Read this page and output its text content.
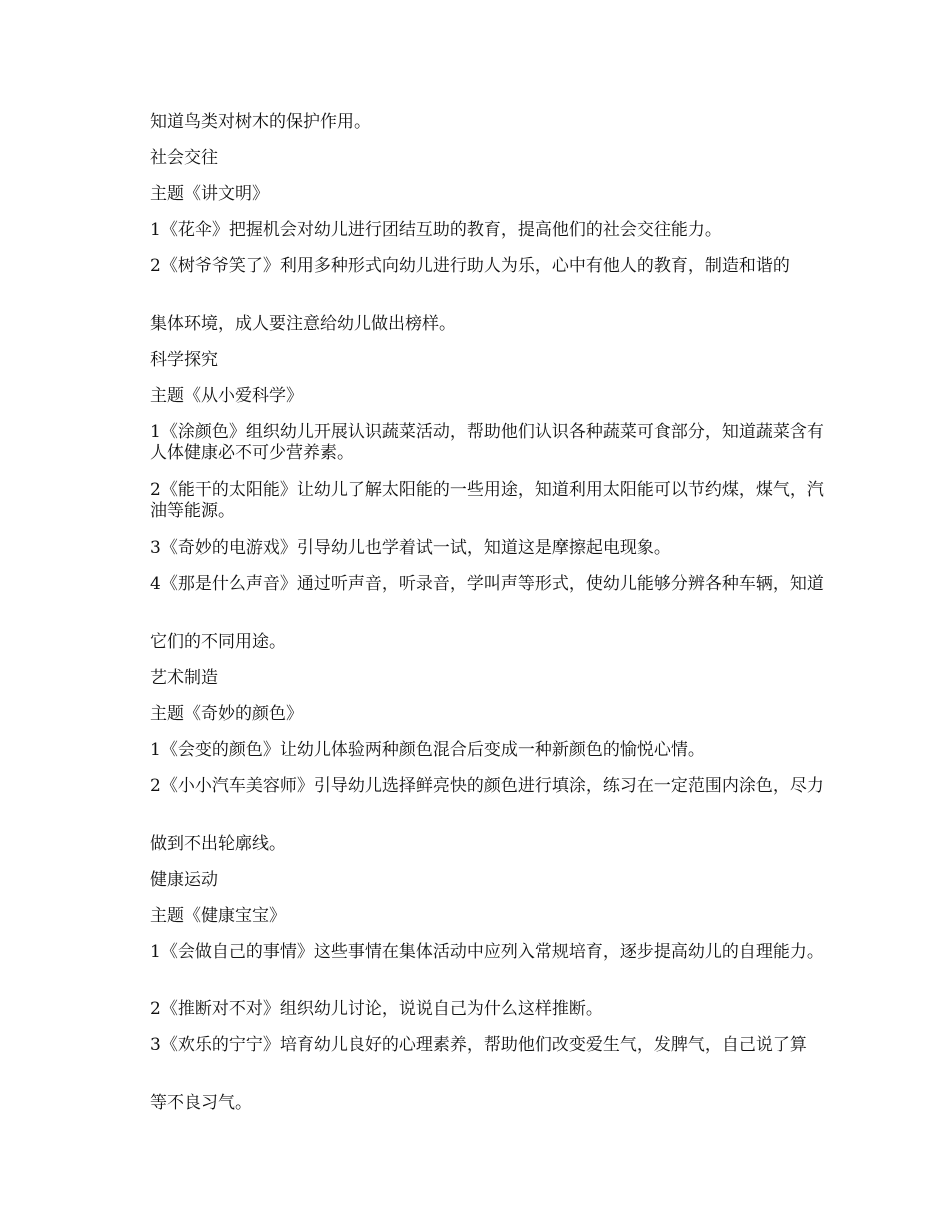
知道鸟类对树木的保护作用。

社会交往

主题《讲文明》

1《花伞》把握机会对幼儿进行团结互助的教育，提高他们的社会交往能力。

2《树爷爷笑了》利用多种形式向幼儿进行助人为乐，心中有他人的教育，制造和谐的

集体环境，成人要注意给幼儿做出榜样。

科学探究

主题《从小爱科学》

1《涂颜色》组织幼儿开展认识蔬菜活动，帮助他们认识各种蔬菜可食部分，知道蔬菜含有人体健康必不可少营养素。

2《能干的太阳能》让幼儿了解太阳能的一些用途，知道利用太阳能可以节约煤，煤气，汽油等能源。

3《奇妙的电游戏》引导幼儿也学着试一试，知道这是摩擦起电现象。

4《那是什么声音》通过听声音，听录音，学叫声等形式，使幼儿能够分辨各种车辆，知道

它们的不同用途。

艺术制造

主题《奇妙的颜色》

1《会变的颜色》让幼儿体验两种颜色混合后变成一种新颜色的愉悦心情。

2《小小汽车美容师》引导幼儿选择鲜亮快的颜色进行填涂，练习在一定范围内涂色，尽力

做到不出轮廓线。

健康运动

主题《健康宝宝》

1《会做自己的事情》这些事情在集体活动中应列入常规培育，逐步提高幼儿的自理能力。

2《推断对不对》组织幼儿讨论，说说自己为什么这样推断。

3《欢乐的宁宁》培育幼儿良好的心理素养，帮助他们改变爱生气，发脾气，自己说了算

等不良习气。
